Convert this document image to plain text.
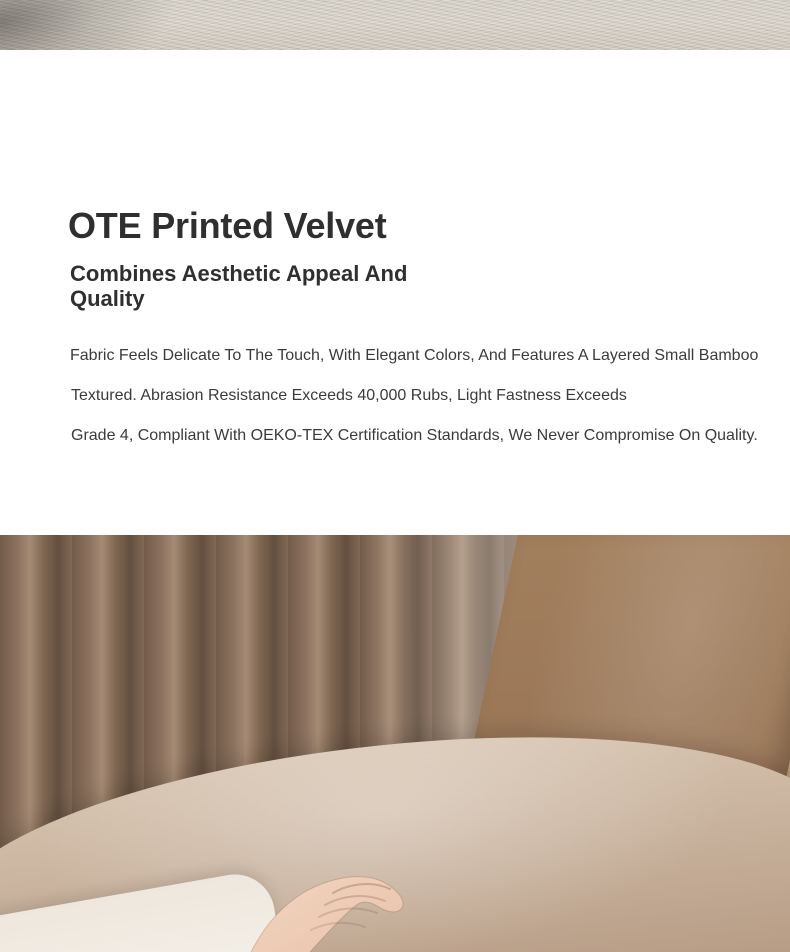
OTE Printed Velvet
Combines Aesthetic Appeal And Quality

Fabric Feels Delicate To The Touch, With Elegant Colors, And Features A Layered Small Bamboo

Textured. Abrasion Resistance Exceeds 40,000 Rubs, Light Fastness Exceeds

Grade 4, Compliant With OEKO-TEX Certification Standards, We Never Compromise On Quality.
